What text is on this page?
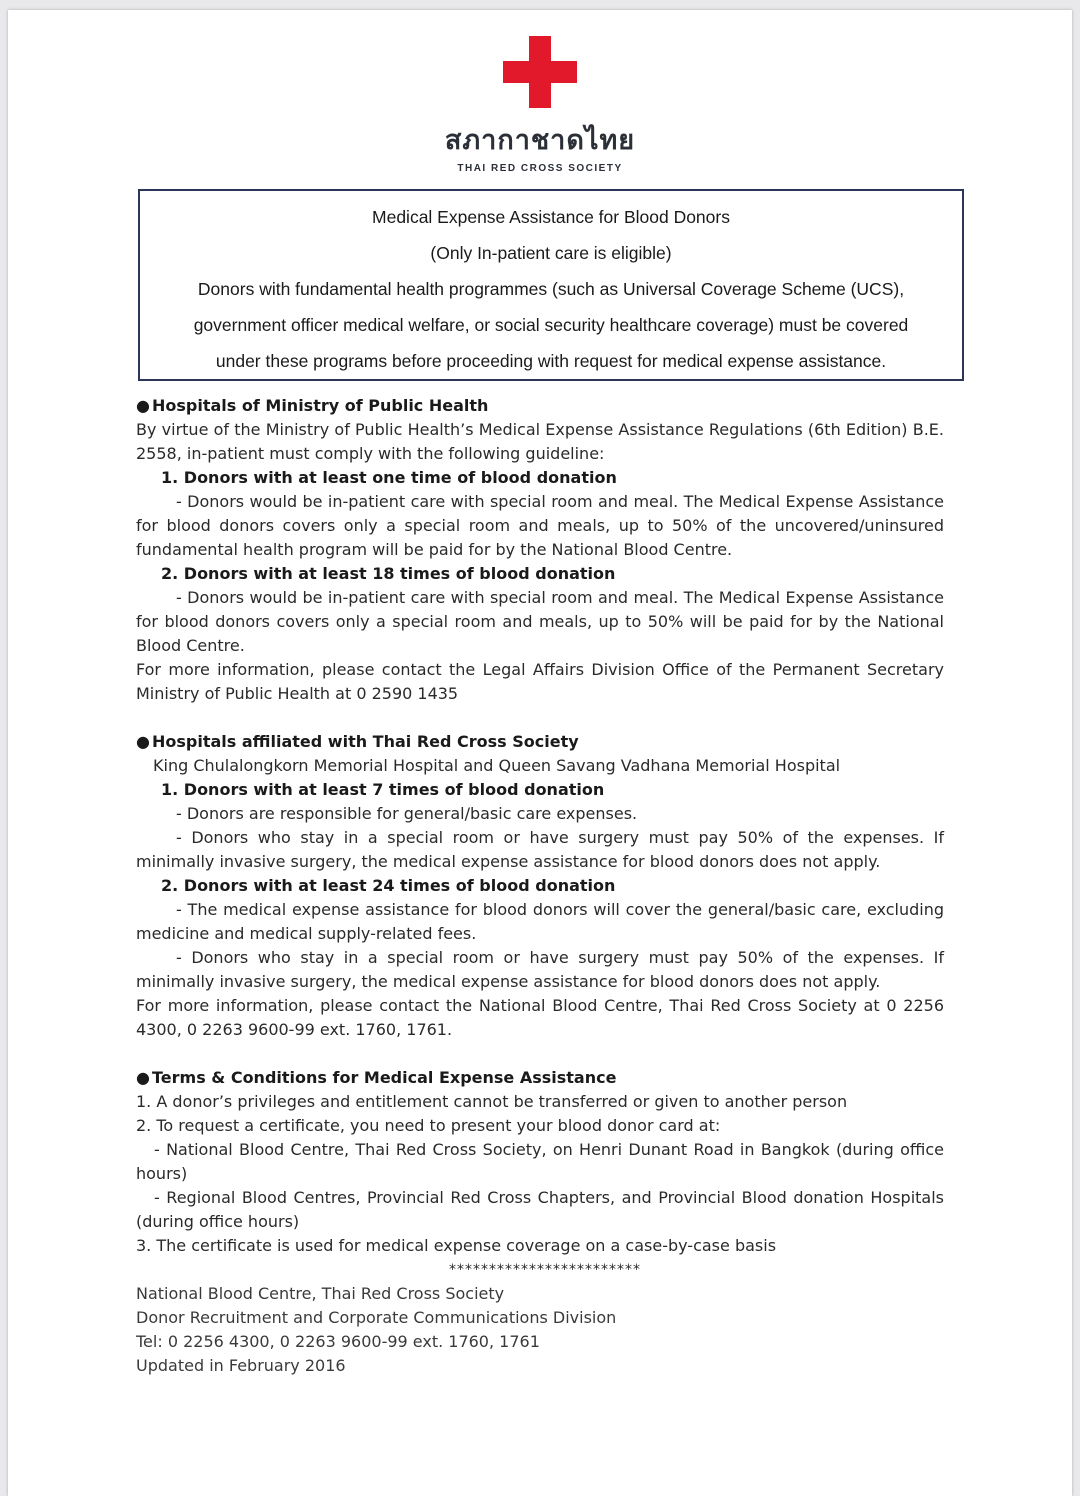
สภากาชาดไทย
THAI RED CROSS SOCIETY
Medical Expense Assistance for Blood Donors
(Only In-patient care is eligible)
Donors with fundamental health programmes (such as Universal Coverage Scheme (UCS),
government officer medical welfare, or social security healthcare coverage) must be covered
under these programs before proceeding with request for medical expense assistance.

● Hospitals of Ministry of Public Health

By virtue of the Ministry of Public Health’s Medical Expense Assistance Regulations (6th Edition) B.E. 2558, in-patient must comply with the following guideline:

1. Donors with at least one time of blood donation

- Donors would be in-patient care with special room and meal. The Medical Expense Assistance for blood donors covers only a special room and meals, up to 50% of the uncovered/uninsured fundamental health program will be paid for by the National Blood Centre.

2. Donors with at least 18 times of blood donation

- Donors would be in-patient care with special room and meal. The Medical Expense Assistance for blood donors covers only a special room and meals, up to 50% will be paid for by the National Blood Centre.

For more information, please contact the Legal Affairs Division Office of the Permanent Secretary Ministry of Public Health at 0 2590 1435

● Hospitals affiliated with Thai Red Cross Society

King Chulalongkorn Memorial Hospital and Queen Savang Vadhana Memorial Hospital

1. Donors with at least 7 times of blood donation

- Donors are responsible for general/basic care expenses.

- Donors who stay in a special room or have surgery must pay 50% of the expenses. If minimally invasive surgery, the medical expense assistance for blood donors does not apply.

2. Donors with at least 24 times of blood donation

- The medical expense assistance for blood donors will cover the general/basic care, excluding medicine and medical supply-related fees.

- Donors who stay in a special room or have surgery must pay 50% of the expenses. If minimally invasive surgery, the medical expense assistance for blood donors does not apply.

For more information, please contact the National Blood Centre, Thai Red Cross Society at 0 2256 4300, 0 2263 9600-99 ext. 1760, 1761.

● Terms & Conditions for Medical Expense Assistance

1. A donor’s privileges and entitlement cannot be transferred or given to another person

2. To request a certificate, you need to present your blood donor card at:

- National Blood Centre, Thai Red Cross Society, on Henri Dunant Road in Bangkok (during office hours)

- Regional Blood Centres, Provincial Red Cross Chapters, and Provincial Blood donation Hospitals (during office hours)

3. The certificate is used for medical expense coverage on a case-by-case basis

************************

National Blood Centre, Thai Red Cross Society

Donor Recruitment and Corporate Communications Division

Tel: 0 2256 4300, 0 2263 9600-99 ext. 1760, 1761

Updated in February 2016
